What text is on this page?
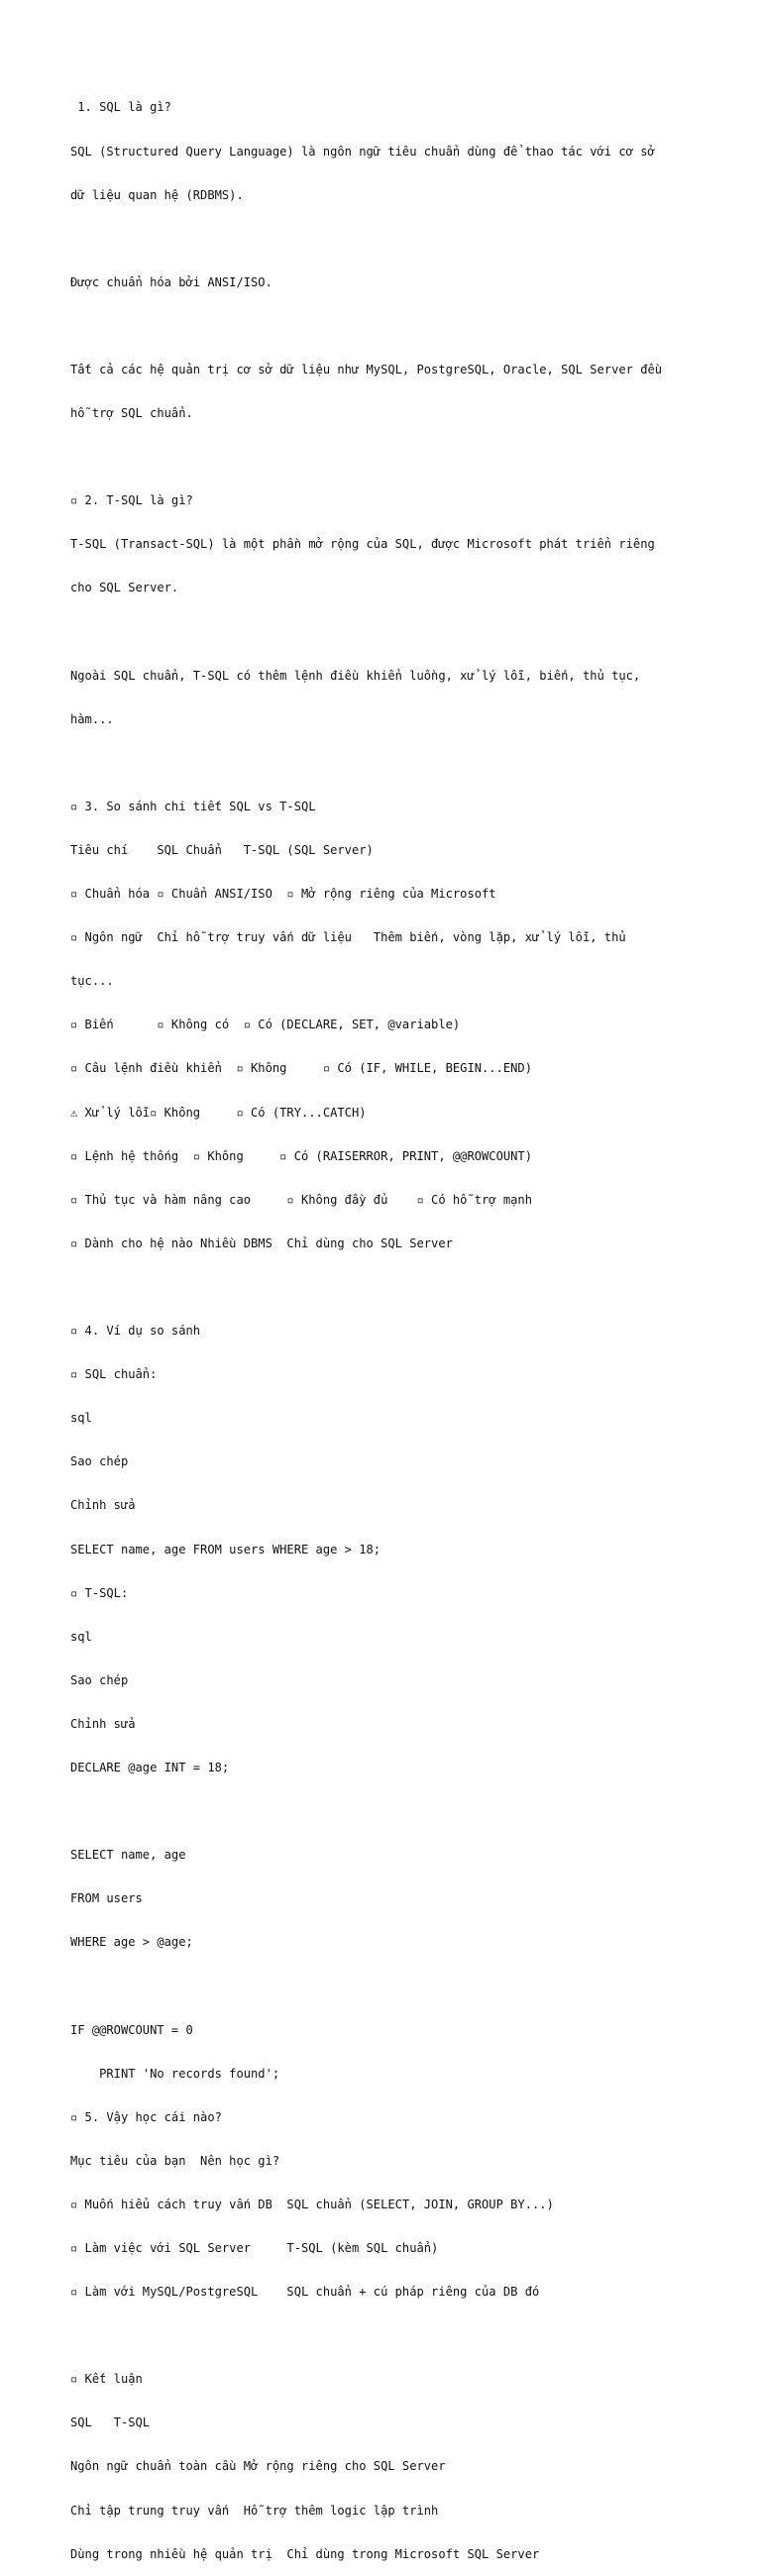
1. SQL là gì?

SQL (Structured Query Language) là ngôn ngữ tiêu chuẩn dùng để thao tác với cơ sở

dữ liệu quan hệ (RDBMS).

Được chuẩn hóa bởi ANSI/ISO.

Tất cả các hệ quản trị cơ sở dữ liệu như MySQL, PostgreSQL, Oracle, SQL Server đều

hỗ trợ SQL chuẩn.

▫ 2. T-SQL là gì?

T-SQL (Transact-SQL) là một phần mở rộng của SQL, được Microsoft phát triển riêng

cho SQL Server.

Ngoài SQL chuẩn, T-SQL có thêm lệnh điều khiển luồng, xử lý lỗi, biến, thủ tục,

hàm...

▫ 3. So sánh chi tiết SQL vs T-SQL

Tiêu chí    SQL Chuẩn   T-SQL (SQL Server)

▫ Chuẩn hóa ▫ Chuẩn ANSI/ISO  ▫ Mở rộng riêng của Microsoft

▫ Ngôn ngữ  Chỉ hỗ trợ truy vấn dữ liệu   Thêm biến, vòng lặp, xử lý lỗi, thủ

tục...

▫ Biến      ▫ Không có  ▫ Có (DECLARE, SET, @variable)

▫ Câu lệnh điều khiển  ▫ Không     ▫ Có (IF, WHILE, BEGIN...END)

⚠ Xử lý lỗi▫ Không     ▫ Có (TRY...CATCH)

▫ Lệnh hệ thống  ▫ Không     ▫ Có (RAISERROR, PRINT, @@ROWCOUNT)

▫ Thủ tục và hàm nâng cao     ▫ Không đầy đủ    ▫ Có hỗ trợ mạnh

▫ Dành cho hệ nào Nhiều DBMS  Chỉ dùng cho SQL Server

▫ 4. Ví dụ so sánh

▫ SQL chuẩn:

sql

Sao chép

Chỉnh sửa

SELECT name, age FROM users WHERE age > 18;

▫ T-SQL:

sql

Sao chép

Chỉnh sửa

DECLARE @age INT = 18;

SELECT name, age

FROM users

WHERE age > @age;

IF @@ROWCOUNT = 0

PRINT 'No records found';

▫ 5. Vậy học cái nào?

Mục tiêu của bạn  Nên học gì?

▫ Muốn hiểu cách truy vấn DB  SQL chuẩn (SELECT, JOIN, GROUP BY...)

▫ Làm việc với SQL Server     T-SQL (kèm SQL chuẩn)

▫ Làm với MySQL/PostgreSQL    SQL chuẩn + cú pháp riêng của DB đó

▫ Kết luận

SQL   T-SQL

Ngôn ngữ chuẩn toàn cầu Mở rộng riêng cho SQL Server

Chỉ tập trung truy vấn  Hỗ trợ thêm logic lập trình

Dùng trong nhiều hệ quản trị  Chỉ dùng trong Microsoft SQL Server
